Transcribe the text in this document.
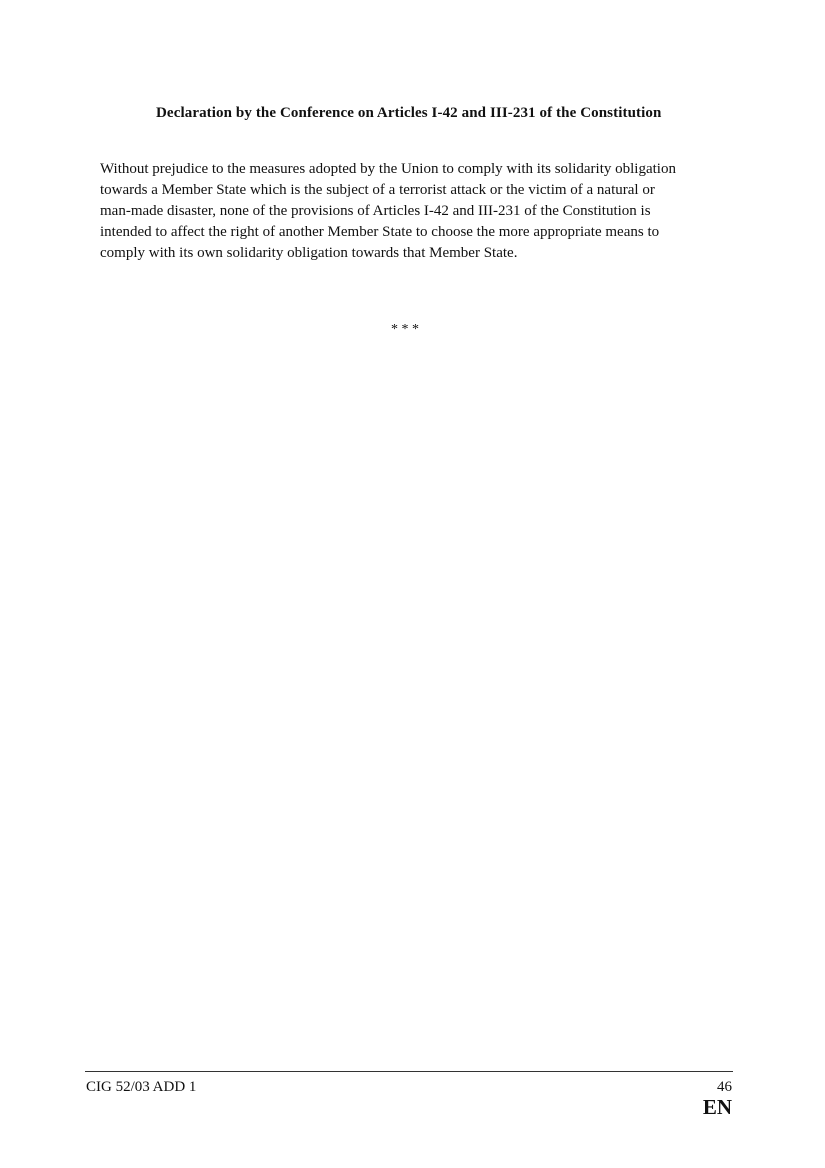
Declaration by the Conference on Articles I-42 and III-231 of the Constitution
Without prejudice to the measures adopted by the Union to comply with its solidarity obligation
towards a Member State which is the subject of a terrorist attack or the victim of a natural or
man-made disaster, none of the provisions of Articles I-42 and III-231 of the Constitution is
intended to affect the right of another Member State to choose the more appropriate means to
comply with its own solidarity obligation towards that Member State.
* * *
CIG 52/03 ADD 1	46
EN
